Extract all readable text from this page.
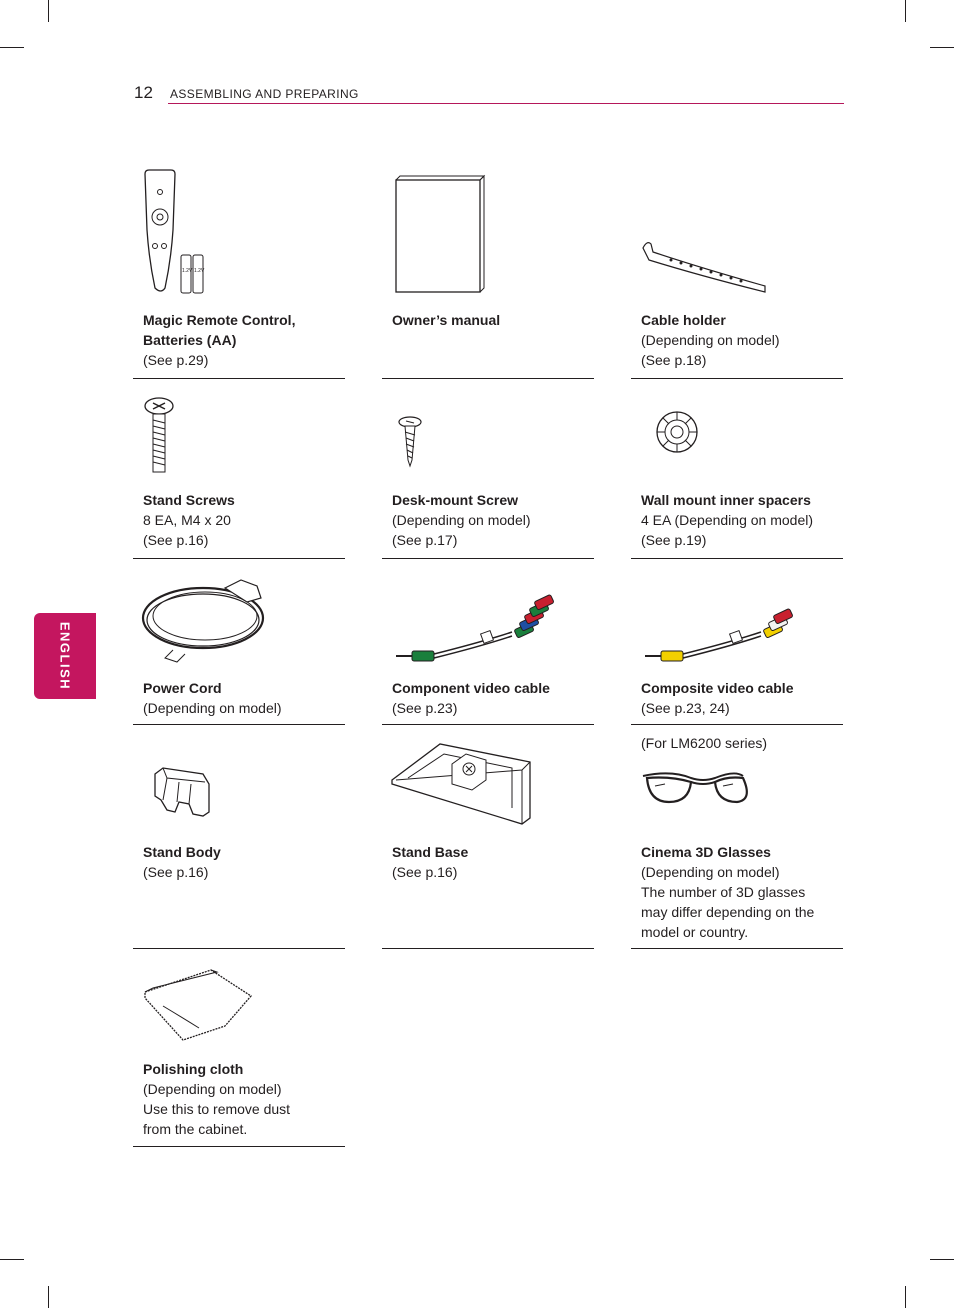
12 ASSEMBLING AND PREPARING
ENGLISH
1.2V 1.2V
Magic Remote Control,
Batteries (AA)
(See p.29)
Owner’s manual	Cable holder
(Depending on model)
(See p.18)
Stand Screws
8 EA, M4 x 20
(See p.16)
Desk-mount Screw
(Depending on model)
(See p.17)
Wall mount inner spacers
4 EA (Depending on model)
(See p.19)
Power Cord
(Depending on model)
Component video cable
(See p.23)
Composite video cable
(See p.23, 24)
Stand Body
(See p.16)
Stand Base
(See p.16)
(For LM6200 series)
Cinema 3D Glasses
(Depending on model)
The number of 3D glasses
may differ depending on the
model or country.
Polishing cloth
(Depending on model)
Use this to remove dust
from the cabinet.
